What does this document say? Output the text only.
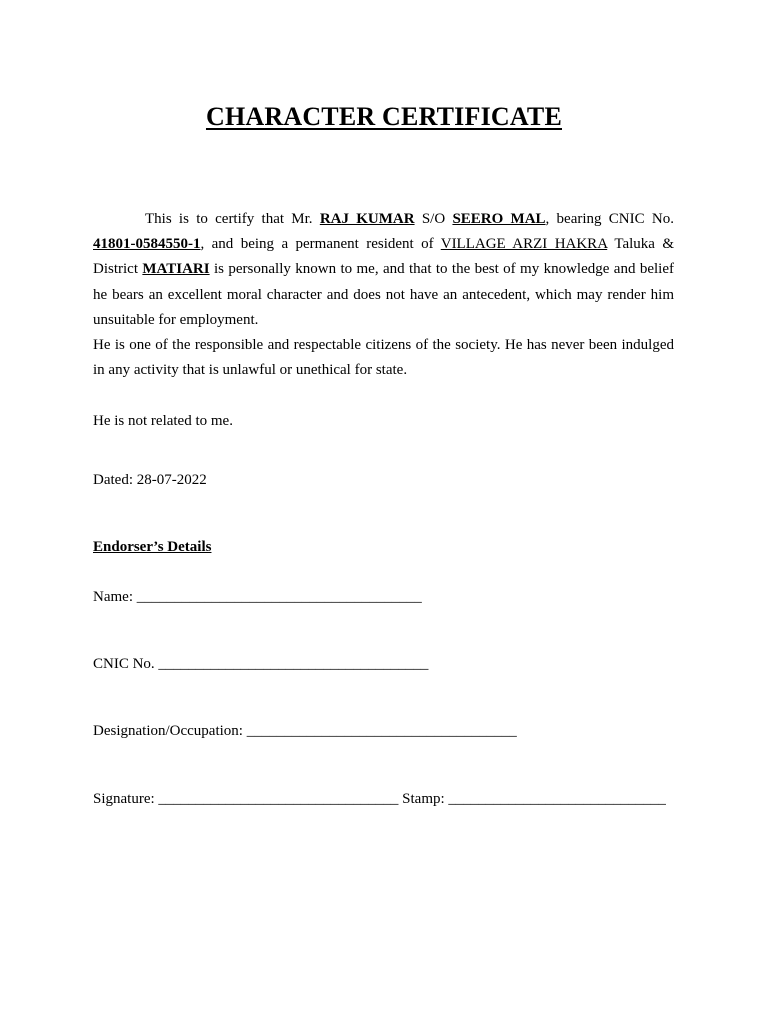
CHARACTER CERTIFICATE
This is to certify that Mr. RAJ KUMAR S/O SEERO MAL, bearing CNIC No. 41801-0584550-1, and being a permanent resident of VILLAGE ARZI HAKRA Taluka & District MATIARI is personally known to me, and that to the best of my knowledge and belief he bears an excellent moral character and does not have an antecedent, which may render him unsuitable for employment.
He is one of the responsible and respectable citizens of the society. He has never been indulged in any activity that is unlawful or unethical for state.
He is not related to me.
Dated: 28-07-2022
Endorser’s Details
Name: ______________________________________
CNIC No. ____________________________________
Designation/Occupation: ____________________________________
Signature: ________________________________ Stamp: _____________________________
